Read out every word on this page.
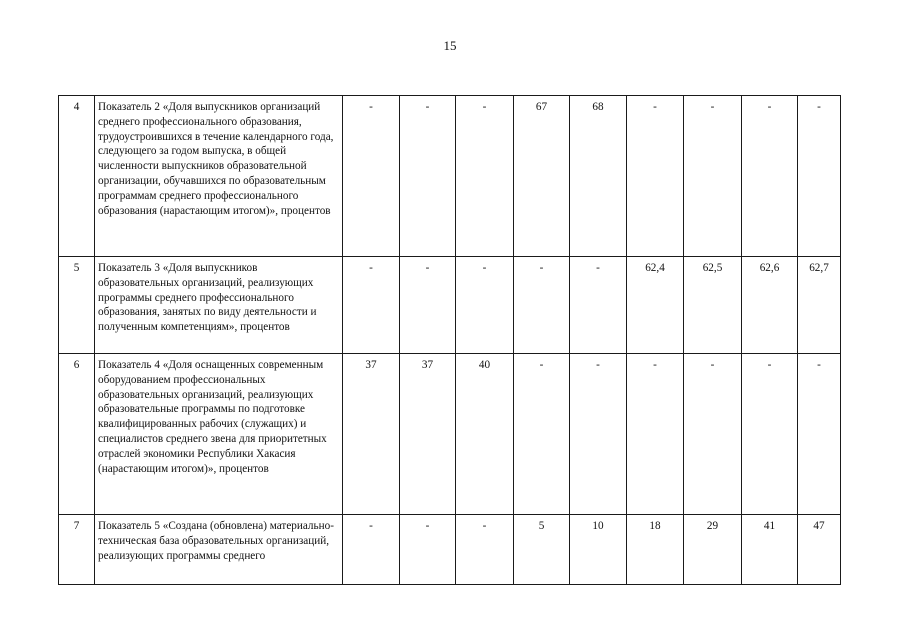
15
4	Показатель 2 «Доля выпускников организаций среднего профессионального образования, трудоустроившихся в течение календарного года, следующего за годом выпуска, в общей численности выпускников образовательной организации, обучавшихся по образовательным программам среднего профессионального образования (нарастающим итогом)», процентов	-	-	-	67	68	-	-	-	-
5	Показатель 3 «Доля выпускников образовательных организаций, реализующих программы среднего профессионального образования, занятых по виду деятельности и полученным компетенциям», процентов	-	-	-	-	-	62,4	62,5	62,6	62,7
6	Показатель 4 «Доля оснащенных современным оборудованием профессиональных образовательных организаций, реализующих образовательные программы по подготовке квалифицированных рабочих (служащих) и специалистов среднего звена для приоритетных отраслей экономики Республики Хакасия (нарастающим итогом)», процентов	37	37	40	-	-	-	-	-	-
7	Показатель 5 «Создана (обновлена) материально-техническая база образовательных организаций, реализующих программы среднего	-	-	-	5	10	18	29	41	47
